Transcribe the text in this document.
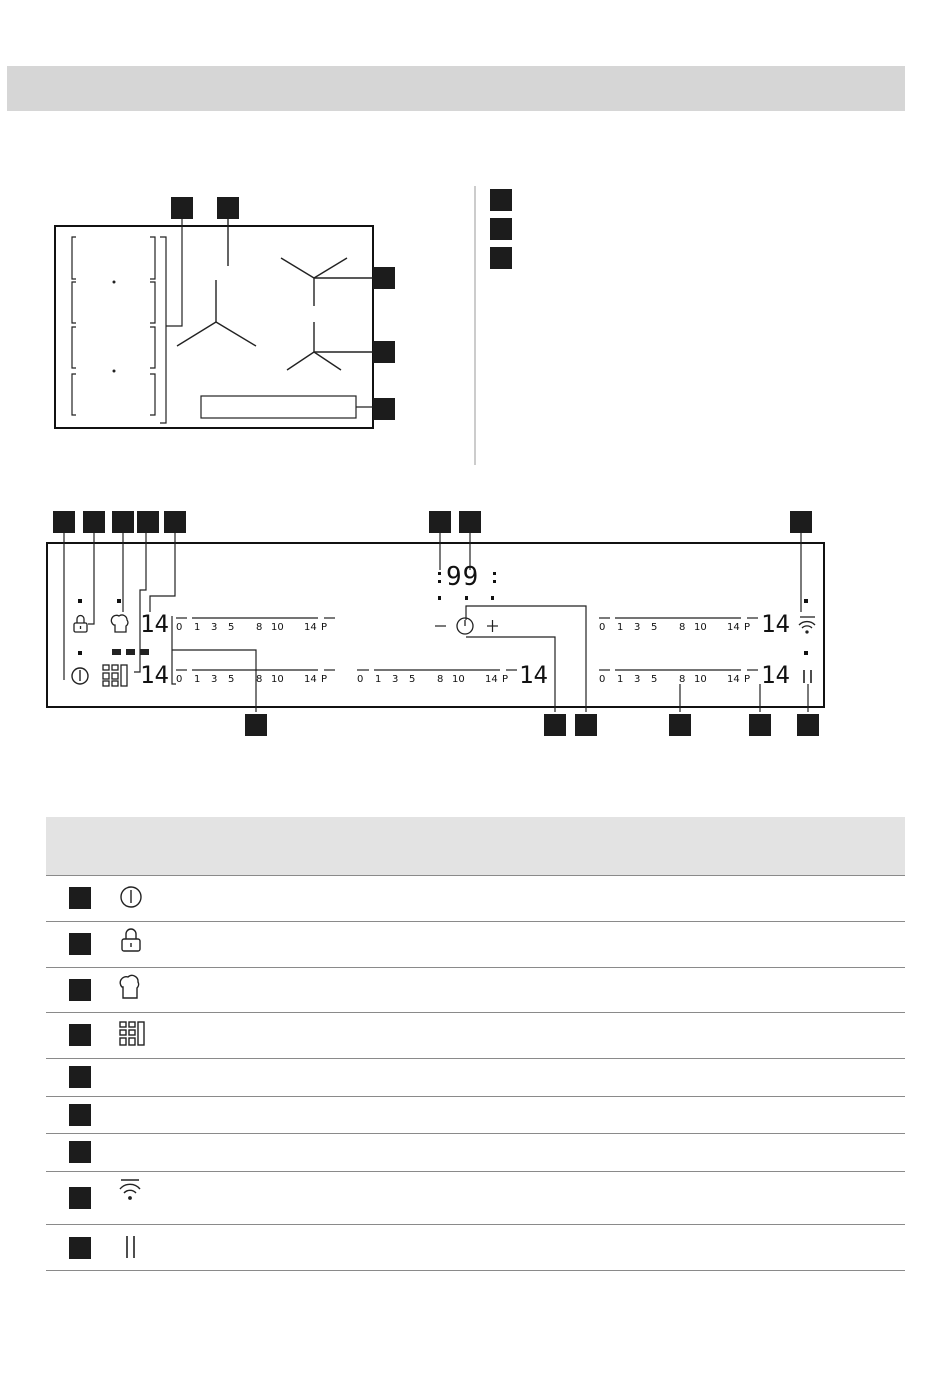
99
14
14	14
14
14
0 1 3 5 8 10 14 P
0 1 3 5 8 10 14 P	0 1 3 5 8 10 14 P
0 1 3 5 8 10 14 P
0 1 3 5 8 10 14 P
